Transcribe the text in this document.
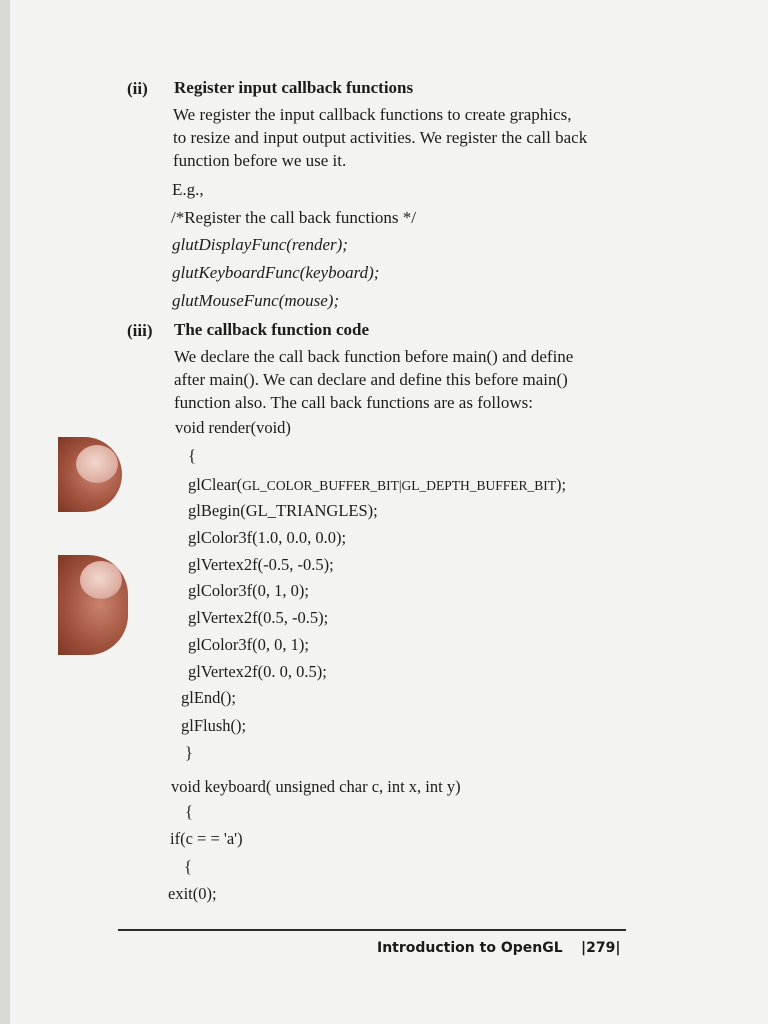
(ii) Register input callback functions
We register the input callback functions to create graphics,
to resize and input output activities. We register the call back
function before we use it.
E.g.,
/*Register the call back functions */
glutDisplayFunc(render);
glutKeyboardFunc(keyboard);
glutMouseFunc(mouse);
(iii) The callback function code
We declare the call back function before main() and define
after main(). We can declare and define this before main()
function also. The call back functions are as follows:
void render(void)
{
glClear(GL_COLOR_BUFFER_BIT|GL_DEPTH_BUFFER_BIT);
glBegin(GL_TRIANGLES);
glColor3f(1.0, 0.0, 0.0);
glVertex2f(-0.5, -0.5);
glColor3f(0, 1, 0);
glVertex2f(0.5, -0.5);
glColor3f(0, 0, 1);
glVertex2f(0. 0, 0.5);
glEnd();
glFlush();
}
void keyboard( unsigned char c, int x, int y)
{
if(c = = 'a')
{
exit(0);
Introduction to OpenGL |279|
